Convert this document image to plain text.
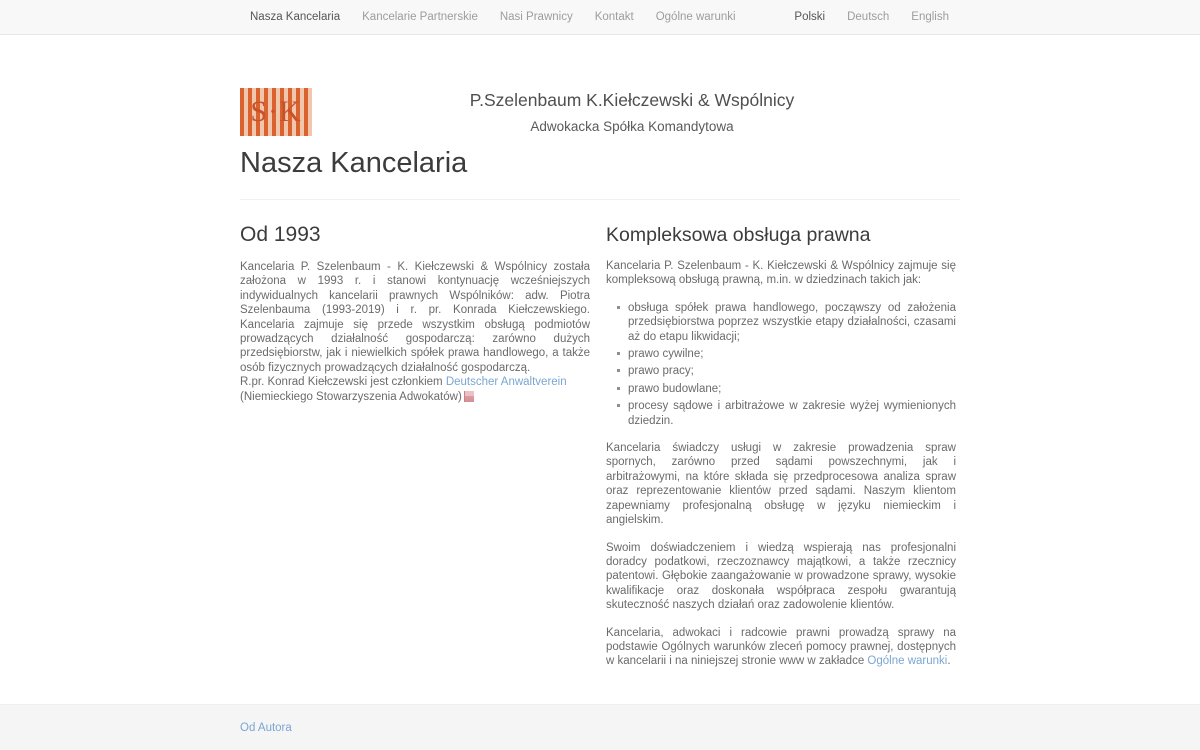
Nasza Kancelaria	Kancelarie Partnerskie	Nasi Prawnicy	Kontakt	Ogólne warunki	Polski	Deutsch	English
S·K	P.Szelenbaum K.Kiełczewski & Wspólnicy

Adwokacka Spółka Komandytowa

Nasza Kancelaria
Od 1993

Kancelaria P. Szelenbaum - K. Kiełczewski & Wspólnicy została założona w 1993 r. i stanowi kontynuację wcześniejszych indywidualnych kancelarii prawnych Wspólników: adw. Piotra Szelenbauma (1993-2019) i r. pr. Konrada Kiełczewskiego. Kancelaria zajmuje się przede wszystkim obsługą podmiotów prowadzących działalność gospodarczą: zarówno dużych przedsiębiorstw, jak i niewielkich spółek prawa handlowego, a także osób fizycznych prowadzących działalność gospodarczą.

R.pr. Konrad Kiełczewski jest członkiem Deutscher Anwaltverein (Niemieckiego Stowarzyszenia Adwokatów)

Kompleksowa obsługa prawna

Kancelaria P. Szelenbaum - K. Kiełczewski & Wspólnicy zajmuje się kompleksową obsługą prawną, m.in. w dziedzinach takich jak:

obsługa spółek prawa handlowego, począwszy od założenia przedsiębiorstwa poprzez wszystkie etapy działalności, czasami aż do etapu likwidacji;
prawo cywilne;
prawo pracy;
prawo budowlane;
procesy sądowe i arbitrażowe w zakresie wyżej wymienionych dziedzin.

Kancelaria świadczy usługi w zakresie prowadzenia spraw spornych, zarówno przed sądami powszechnymi, jak i arbitrażowymi, na które składa się przedprocesowa analiza spraw oraz reprezentowanie klientów przed sądami. Naszym klientom zapewniamy profesjonalną obsługę w języku niemieckim i angielskim.

Swoim doświadczeniem i wiedzą wspierają nas profesjonalni doradcy podatkowi, rzeczoznawcy majątkowi, a także rzecznicy patentowi. Głębokie zaangażowanie w prowadzone sprawy, wysokie kwalifikacje oraz doskonała współpraca zespołu gwarantują skuteczność naszych działań oraz zadowolenie klientów.

Kancelaria, adwokaci i radcowie prawni prowadzą sprawy na podstawie Ogólnych warunków zleceń pomocy prawnej, dostępnych w kancelarii i na niniejszej stronie www w zakładce Ogólne warunki.

Od Autora
